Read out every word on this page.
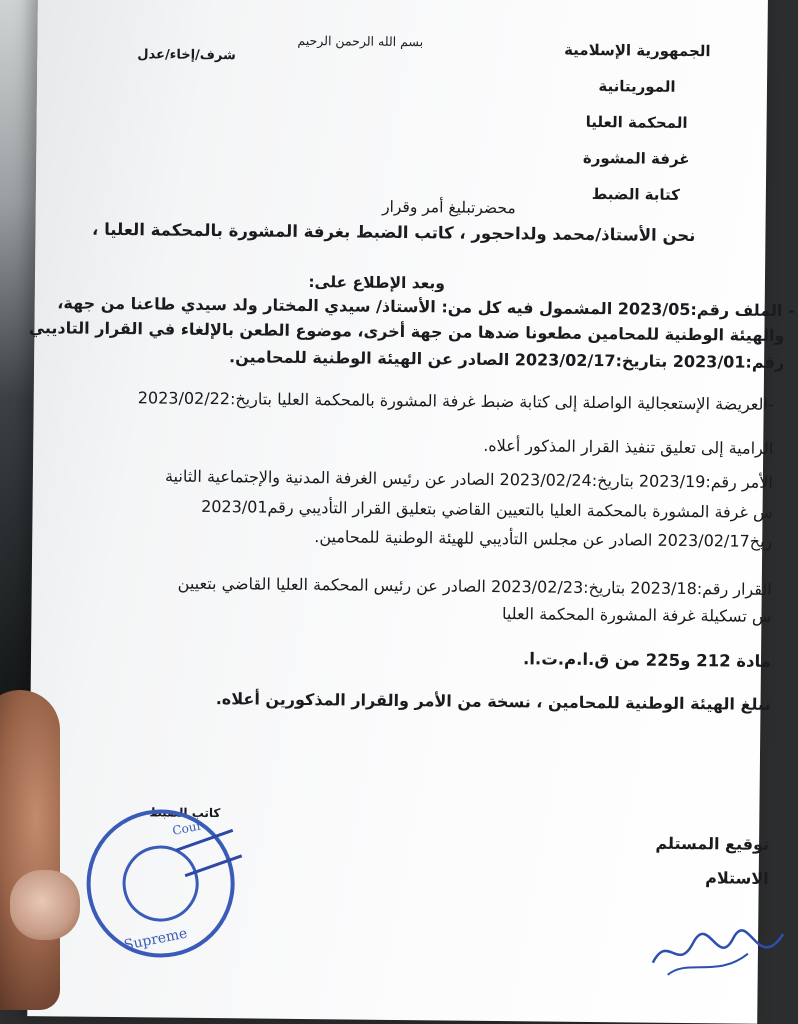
الجمهورية الإسلامية الموريتانية
المحكمة العليا
غرفة المشورة
كتابة الضبط
بسم الله الرحمن الرحيم
شرف/إخاء/عدل
محضرتبليغ أمر وقرار
نحن الأستاذ/محمد ولداحجور ، كاتب الضبط بغرفة المشورة بالمحكمة العليا ،
وبعد الإطلاع على:
- الملف رقم:2023/05 المشمول فيه كل من: الأستاذ/ سيدي المختار ولد سيدي طاعنا من جهة،
والهيئة الوطنية للمحامين مطعونا ضدها من جهة أخرى، موضوع الطعن بالإلغاء في القرار التاديبي
رقم:2023/01 بتاريخ:2023/02/17 الصادر عن الهيئة الوطنية للمحامين.
-العريضة الإستعجالية الواصلة إلى كتابة ضبط غرفة المشورة بالمحكمة العليا بتاريخ:2023/02/22
الرامية إلى تعليق تنفيذ القرار المذكور أعلاه.
الأمر رقم:2023/19 بتاريخ:2023/02/24 الصادر عن رئيس الغرفة المدنية والإجتماعية الثانية
س غرفة المشورة بالمحكمة العليا بالتعيين القاضي بتعليق القرار التأديبي رقم2023/01
ريخ2023/02/17 الصادر عن مجلس التأديبي للهيئة الوطنية للمحامين.
القرار رقم:2023/18 بتاريخ:2023/02/23 الصادر عن رئيس المحكمة العليا القاضي بتعيين
س تسكيلة غرفة المشورة المحكمة العليا
مادة 212 و225 من ق.ا.م.ت.ا.
نبلغ الهيئة الوطنية للمحامين ، نسخة من الأمر والقرار المذكورين أعلاه.
كاتب الضبط
توقيع المستلم
الاستلام
Supreme
Cour
